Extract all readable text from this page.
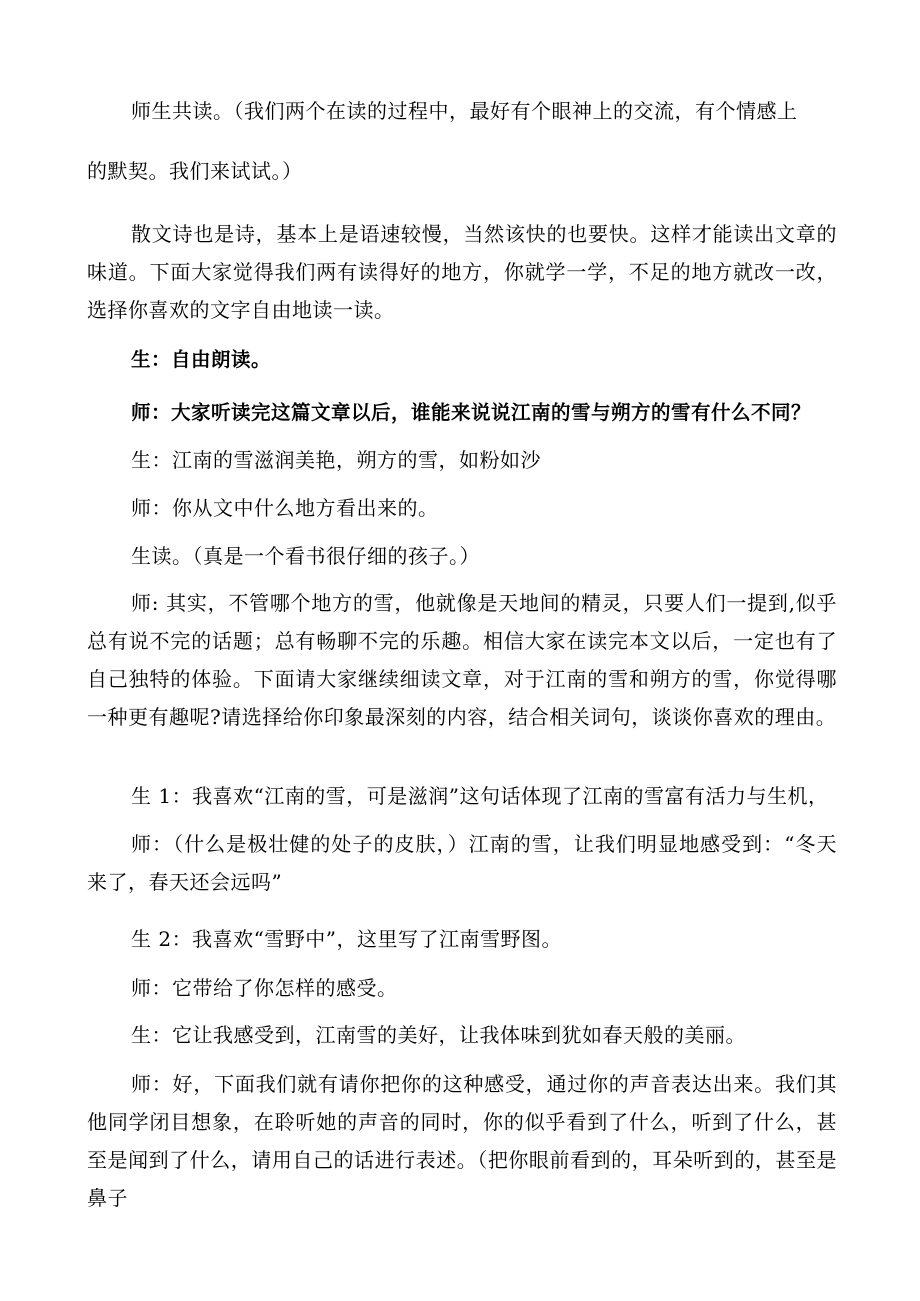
师生共读。（我们两个在读的过程中，最好有个眼神上的交流，有个情感上

的默契。我们来试试。）

散文诗也是诗，基本上是语速较慢，当然该快的也要快。这样才能读出文章的味道。下面大家觉得我们两有读得好的地方，你就学一学，不足的地方就改一改，选择你喜欢的文字自由地读一读。

生：自由朗读。

师：大家听读完这篇文章以后，谁能来说说江南的雪与朔方的雪有什么不同？

生：江南的雪滋润美艳，朔方的雪，如粉如沙

师：你从文中什么地方看出来的。

生读。（真是一个看书很仔细的孩子。）

师: 其实，不管哪个地方的雪，他就像是天地间的精灵，只要人们一提到,似乎总有说不完的话题；总有畅聊不完的乐趣。相信大家在读完本文以后，一定也有了自己独特的体验。下面请大家继续细读文章，对于江南的雪和朔方的雪，你觉得哪一种更有趣呢?请选择给你印象最深刻的内容，结合相关词句，谈谈你喜欢的理由。

生 1：我喜欢“江南的雪，可是滋润”这句话体现了江南的雪富有活力与生机，

师：（什么是极壮健的处子的皮肤，）江南的雪，让我们明显地感受到：“冬天来了，春天还会远吗”

生 2：我喜欢“雪野中”，这里写了江南雪野图。

师：它带给了你怎样的感受。

生：它让我感受到，江南雪的美好，让我体味到犹如春天般的美丽。

师：好，下面我们就有请你把你的这种感受，通过你的声音表达出来。我们其他同学闭目想象，在聆听她的声音的同时，你的似乎看到了什么，听到了什么，甚至是闻到了什么，请用自己的话进行表述。（把你眼前看到的，耳朵听到的，甚至是鼻子
